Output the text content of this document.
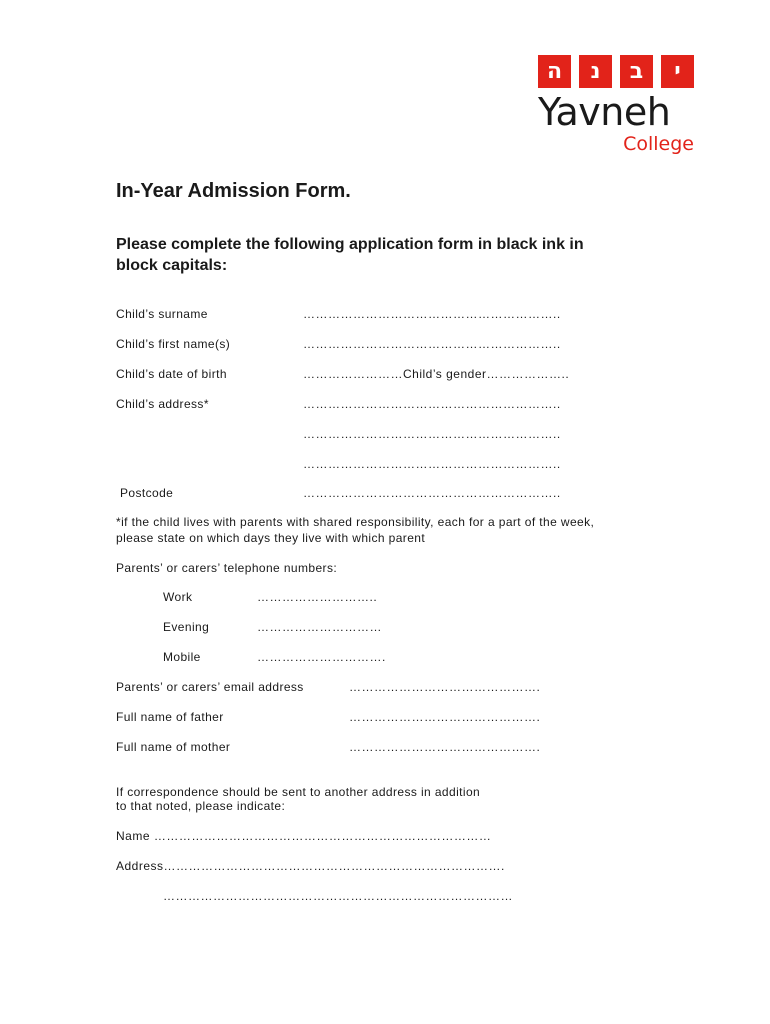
ה	נ	ב	י
Yavneh
College
In-Year Admission Form.
Please complete the following application form in black ink in block capitals:
Child’s surname	……………………………………………………..
Child’s first name(s)	……………………………………………………..
Child’s date of birth	……………………Child’s gender………………..
Child’s address*	……………………………………………………..
……………………………………………………..
……………………………………………………..
Postcode	……………………………………………………..
*if the child lives with parents with shared responsibility, each for a part of the week,
please state on which days they live with which parent
Parents’ or carers’ telephone numbers:
Work	………………………..
Evening	…………………………
Mobile	………………………….
Parents’ or carers’ email address	……………………………………….
Full name of father	……………………………………….
Full name of mother	……………………………………….
If correspondence should be sent to another address in addition
to that noted, please indicate:
Name ………………………………………………………………………
Address……………………………………………………………………….
…………………………………………………………………………
